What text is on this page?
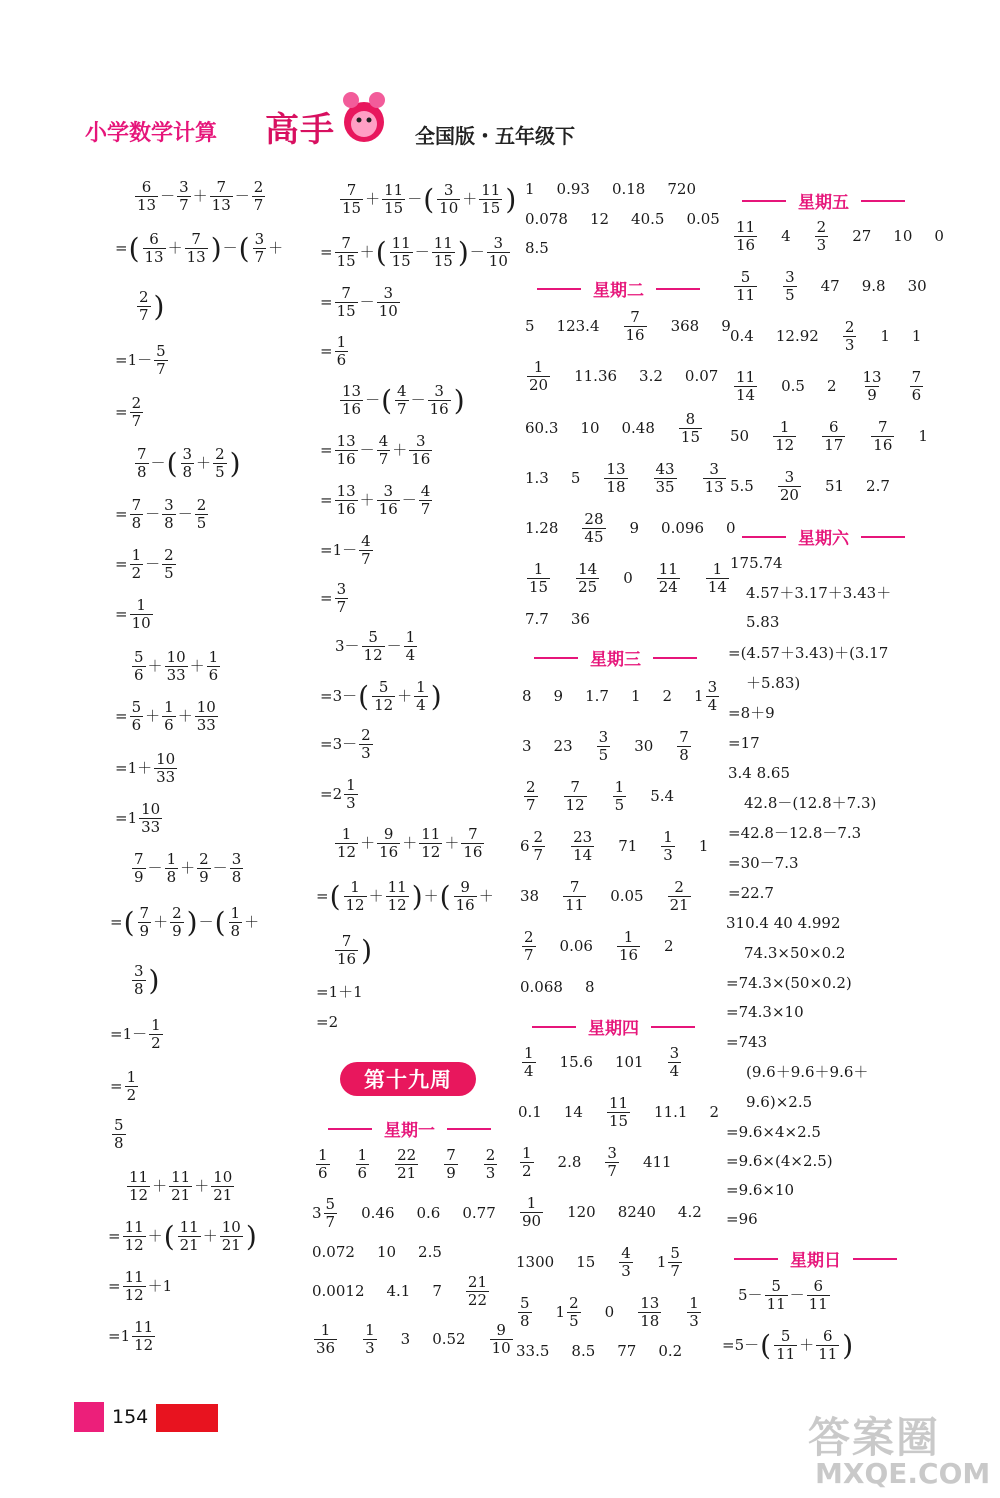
小学数学计算 高手	全国版・五年级下
$\frac{6}{13} - \frac{3}{7} + \frac{7}{13} - \frac{2}{7}$
= ( $\frac{6}{13} + \frac{7}{13}$ ) － ( $\frac{3}{7}$ ＋
$\frac{2}{7}$ )
= $1- \frac{5}{7}$
= $\frac{2}{7}$
$\frac{7}{8}$ － ( $\frac{3}{8} + \frac{2}{5}$ )
= $\frac{7}{8} - \frac{3}{8} - \frac{2}{5}$
= $\frac{1}{2} - \frac{2}{5}$
= $\frac{1}{10}$
$\frac{5}{6} + \frac{10}{33} + \frac{1}{6}$
= $\frac{5}{6} + \frac{1}{6} + \frac{10}{33}$
= $1+ \frac{10}{33}$
= $1 \frac{10}{33}$
$\frac{7}{9} - \frac{1}{8} + \frac{2}{9} - \frac{3}{8}$
= ( $\frac{7}{9} + \frac{2}{9}$ ) － ( $\frac{1}{8}$ ＋
$\frac{3}{8}$ )
= $1- \frac{1}{2}$
= $\frac{1}{2}$
$\frac{5}{8}$
$\frac{11}{12} + \frac{11}{21} + \frac{10}{21}$
= $\frac{11}{12}$ ＋ ( $\frac{11}{21} + \frac{10}{21}$ )
= $\frac{11}{12} +1$
= $1 \frac{11}{12}$
$\frac{7}{15} + \frac{11}{15}$ － ( $\frac{3}{10} + \frac{11}{15}$ )
= $\frac{7}{15}$ ＋ ( $\frac{11}{15} - \frac{11}{15}$ ) － $\frac{3}{10}$
= $\frac{7}{15} - \frac{3}{10}$
= $\frac{1}{6}$
$\frac{13}{16}$ － ( $\frac{4}{7} - \frac{3}{16}$ )
= $\frac{13}{16} - \frac{4}{7} + \frac{3}{16}$
= $\frac{13}{16} + \frac{3}{16} - \frac{4}{7}$
= $1- \frac{4}{7}$
= $\frac{3}{7}$
$3- \frac{5}{12} - \frac{1}{4}$
= 3－ ( $\frac{5}{12} + \frac{1}{4}$ )
= $3- \frac{2}{3}$
= $2 \frac{1}{3}$
$\frac{1}{12} + \frac{9}{16} + \frac{11}{12} + \frac{7}{16}$
= ( $\frac{1}{12} + \frac{11}{12}$ ) ＋ ( $\frac{9}{16}$ ＋
$\frac{7}{16}$ )
= 1＋1
= 2
第十九周
星期一
$\frac{1}{6} \frac{1}{6} \frac{22}{21} \frac{7}{9} \frac{2}{3}$
$3 \frac{5}{7} 0.46$ 0.6 0.77
0.072 10 2.5
0.0012 4.1 $7 \frac{21}{22}$
$\frac{1}{36} \frac{1}{3} 3$ $0.52 \frac{9}{10}$
1 0.93 0.18 720
0.078 12 40.5 0.05
8.5
星期二
5 $123.4 \frac{7}{16} 368$ 9
$\frac{1}{20} 11.36$ 3.2 0.07
60.3 10 $0.48 \frac{8}{15}$
1.3 $5 \frac{13}{18} \frac{43}{35} \frac{3}{13}$
$1.28 \frac{28}{45} 9$ 0.096 0
$\frac{1}{15} \frac{14}{25} 0 \frac{11}{24} \frac{1}{14}$
7.7 36
星期三
8 9 1.7 1 2 $1 \frac{3}{4}$
3 $23 \frac{3}{5} 30 \frac{7}{8}$
$\frac{2}{7} \frac{7}{12} \frac{1}{5} 5.4$
$6 \frac{2}{7} \frac{23}{14} 71 \frac{1}{3} 1$
$38 \frac{7}{11} 0.05 \frac{2}{21}$
$\frac{2}{7} 0.06 \frac{1}{16} 2$
0.068 8
星期四
$\frac{1}{4} 15.6$ $101 \frac{3}{4}$
0.1 $14 \frac{11}{15} 11.1$ 2
$\frac{1}{2} 2.8 \frac{3}{7} 411$
$\frac{1}{90} 120$ 8240 4.2
1300 $15 \frac{4}{3} 1 \frac{5}{7}$
$\frac{5}{8} 1 \frac{2}{5} 0 \frac{13}{18} \frac{1}{3}$
33.5 8.5 77 0.2
星期五
$\frac{11}{16} 4 \frac{2}{3} 27$ 10 0
$\frac{5}{11} \frac{3}{5} 47$ 9.8 30
0.4 $12.92 \frac{2}{3} 1$ 1
$\frac{11}{14} 0.5$ $2 \frac{13}{9} \frac{7}{6}$
$50 \frac{1}{12} \frac{6}{17} \frac{7}{16} 1$
$5.5 \frac{3}{20} 51$ 2.7
星期六
175.74
4.57＋3.17＋3.43＋
5.83
=(4.57＋3.43)＋(3.17
＋5.83)
=8＋9
=17
3.4 8.65
42.8－(12.8＋7.3)
=42.8－12.8－7.3
=30－7.3
=22.7
310.4 40 4.992
74.3×50×0.2
=74.3×(50×0.2)
=74.3×10
=743
(9.6＋9.6＋9.6＋
9.6)×2.5
=9.6×4×2.5
=9.6×(4×2.5)
=9.6×10
=96
星期日
$5 - \frac{5}{11} - \frac{6}{11}$
= 5 － ( $\frac{5}{11} + \frac{6}{11}$ )
154	答案圈
MXQE.COM
